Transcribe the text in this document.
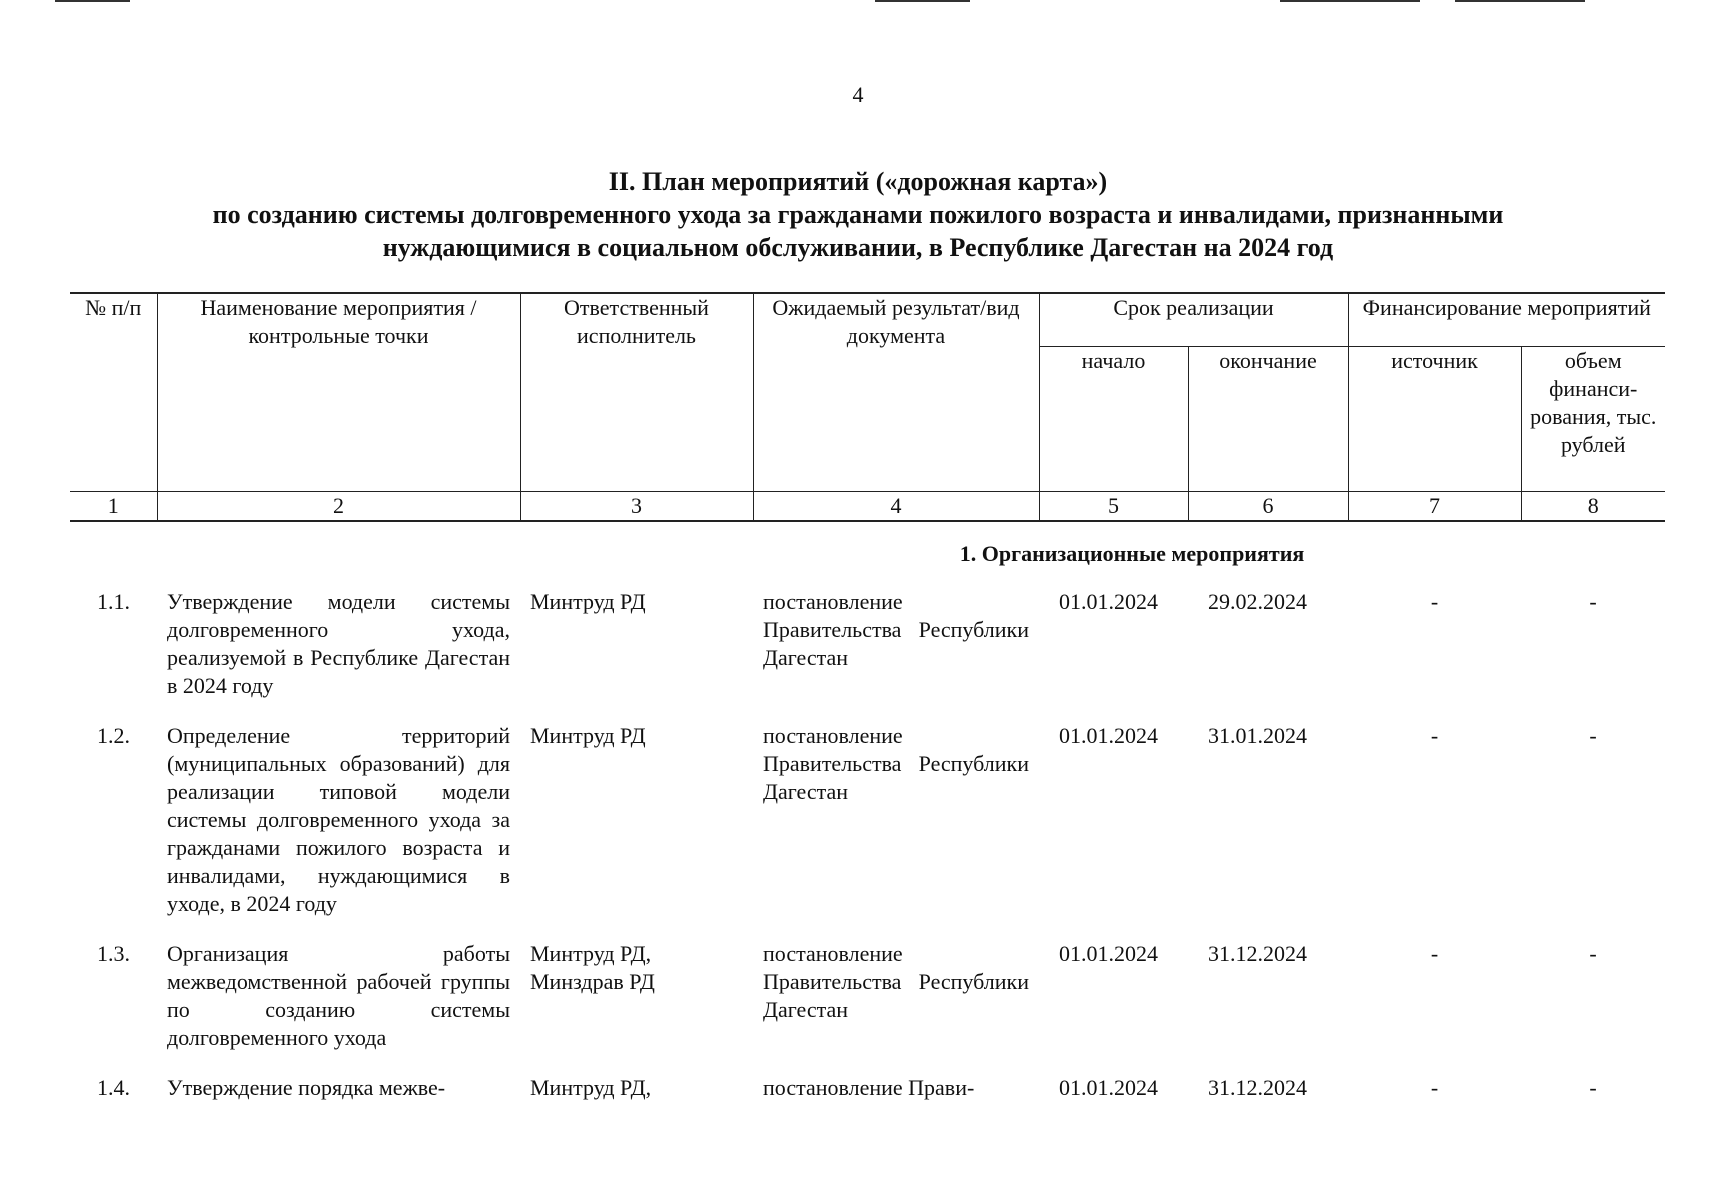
4
II. План мероприятий («дорожная карта»)
по созданию системы долговременного ухода за гражданами пожилого возраста и инвалидами, признанными
нуждающимися в социальном обслуживании, в Республике Дагестан на 2024 год
№ п/п	Наименование мероприятия / контрольные точки	Ответственный исполнитель	Ожидаемый результат/вид документа	Срок реализации		Финансирование мероприятий	
				начало	окончание	источник	объем финанси-рования, тыс. рублей
1	2	3	4	5	6	7	8
1. Организационные мероприятия							
1.1.	Утверждение модели системы долговременного ухода, реализуемой в Республике Дагестан в 2024 году	Минтруд РД	постановление Правительства Республики Дагестан	01.01.2024	29.02.2024	-	-
1.2.	Определение территорий (муниципальных образований) для реализации типовой модели системы долговременного ухода за гражданами пожилого возраста и инвалидами, нуждающимися в уходе, в 2024 году	Минтруд РД	постановление Правительства Республики Дагестан	01.01.2024	31.01.2024	-	-
1.3.	Организация работы межведомственной рабочей группы по созданию системы долговременного ухода	Минтруд РД, Минздрав РД	постановление Правительства Республики Дагестан	01.01.2024	31.12.2024	-	-
1.4.	Утверждение порядка межве-	Минтруд РД,	постановление Прави-	01.01.2024	31.12.2024	-	-
